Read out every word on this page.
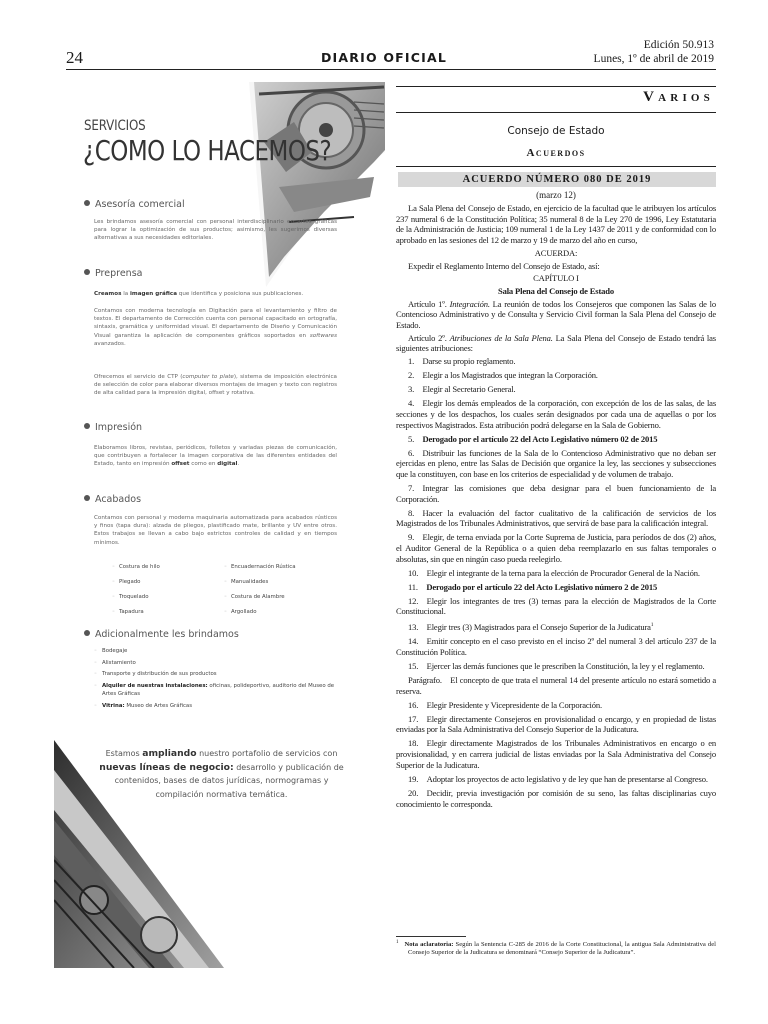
24	DIARIO OFICIAL
Edición 50.913
Lunes, 1º de abril de 2019
SERVICIOS
¿COMO LO HACEMOS?
Asesoría comercial
Les brindamos asesoría comercial con personal interdisciplinario en artes gráficas para lograr la optimización de sus productos; asimismo, les sugerimos diversas alternativas a sus necesidades editoriales.
Preprensa
Creamos la imagen gráfica que identifica y posiciona sus publicaciones.
Contamos con moderna tecnología en Digitación para el levantamiento y filtro de textos. El departamento de Corrección cuenta con personal capacitado en ortografía, sintaxis, gramática y uniformidad visual. El departamento de Diseño y Comunicación Visual garantiza la aplicación de componentes gráficos soportados en softwares avanzados.
Ofrecemos el servicio de CTP (computer to plate), sistema de imposición electrónica de selección de color para elaborar diversos montajes de imagen y texto con registros de alta calidad para la impresión digital, offset y rotativa.
Impresión
Elaboramos libros, revistas, periódicos, folletos y variadas piezas de comunicación, que contribuyen a fortalecer la imagen corporativa de las diferentes entidades del Estado, tanto en impresión offset como en digital.
Acabados
Contamos con personal y moderna maquinaria automatizada para acabados rústicos y finos (tapa dura): alzada de pliegos, plastificado mate, brillante y UV entre otros. Estos trabajos se llevan a cabo bajo estrictos controles de calidad y en tiempos mínimos.
◦ Costura de hilo	◦ Encuadernación Rústica
◦ Plegado	◦ Manualidades
◦ Troquelado	◦ Costura de Alambre
◦ Tapadura	◦ Argollado
Adicionalmente les brindamos
◦ Bodegaje
◦ Alistamiento
◦ Transporte y distribución de sus productos
◦ Alquiler de nuestras instalaciones: oficinas, polideportivo, auditorio del Museo de Artes Gráficas
◦ Vitrina: Museo de Artes Gráficas
Estamos ampliando nuestro portafolio de servicios con nuevas líneas de negocio: desarrollo y publicación de contenidos, bases de datos jurídicas, normogramas y compilación normativa temática.
Varios
Consejo de Estado
Acuerdos
ACUERDO NÚMERO 080 DE 2019
(marzo 12)

La Sala Plena del Consejo de Estado, en ejercicio de la facultad que le atribuyen los artículos 237 numeral 6 de la Constitución Política; 35 numeral 8 de la Ley 270 de 1996, Ley Estatutaria de la Administración de Justicia; 109 numeral 1 de la Ley 1437 de 2011 y de conformidad con lo aprobado en las sesiones del 12 de marzo y 19 de marzo del año en curso,

ACUERDA:

Expedir el Reglamento Interno del Consejo de Estado, así:

CAPÍTULO I

Sala Plena del Consejo de Estado

Artículo 1º. Integración. La reunión de todos los Consejeros que componen las Salas de lo Contencioso Administrativo y de Consulta y Servicio Civil forman la Sala Plena del Consejo de Estado.

Artículo 2º. Atribuciones de la Sala Plena. La Sala Plena del Consejo de Estado tendrá las siguientes atribuciones:

1. Darse su propio reglamento.

2. Elegir a los Magistrados que integran la Corporación.

3. Elegir al Secretario General.

4. Elegir los demás empleados de la corporación, con excepción de los de las salas, de las secciones y de los despachos, los cuales serán designados por cada una de aquellas o por los respectivos Magistrados. Esta atribución podrá delegarse en la Sala de Gobierno.

5. Derogado por el artículo 22 del Acto Legislativo número 02 de 2015

6. Distribuir las funciones de la Sala de lo Contencioso Administrativo que no deban ser ejercidas en pleno, entre las Salas de Decisión que organice la ley, las secciones y subsecciones que la constituyen, con base en los criterios de especialidad y de volumen de trabajo.

7. Integrar las comisiones que deba designar para el buen funcionamiento de la Corporación.

8. Hacer la evaluación del factor cualitativo de la calificación de servicios de los Magistrados de los Tribunales Administrativos, que servirá de base para la calificación integral.

9. Elegir, de terna enviada por la Corte Suprema de Justicia, para períodos de dos (2) años, el Auditor General de la República o a quien deba reemplazarlo en sus faltas temporales o absolutas, sin que en ningún caso pueda reelegirlo.

10. Elegir el integrante de la terna para la elección de Procurador General de la Nación.

11. Derogado por el artículo 22 del Acto Legislativo número 2 de 2015

12. Elegir los integrantes de tres (3) ternas para la elección de Magistrados de la Corte Constitucional.

13. Elegir tres (3) Magistrados para el Consejo Superior de la Judicatura$^1$

14. Emitir concepto en el caso previsto en el inciso 2º del numeral 3 del artículo 237 de la Constitución Política.

15. Ejercer las demás funciones que le prescriben la Constitución, la ley y el reglamento.

Parágrafo. El concepto de que trata el numeral 14 del presente artículo no estará sometido a reserva.

16. Elegir Presidente y Vicepresidente de la Corporación.

17. Elegir directamente Consejeros en provisionalidad o encargo, y en propiedad de listas enviadas por la Sala Administrativa del Consejo Superior de la Judicatura.

18. Elegir directamente Magistrados de los Tribunales Administrativos en encargo o en provisionalidad, y en carrera judicial de listas enviadas por la Sala Administrativa del Consejo Superior de la Judicatura.

19. Adoptar los proyectos de acto legislativo y de ley que han de presentarse al Congreso.

20. Decidir, previa investigación por comisión de su seno, las faltas disciplinarias cuyo conocimiento le corresponda.

$^1$ Nota aclaratoria: Según la Sentencia C-285 de 2016 de la Corte Constitucional, la antigua Sala Administrativa del Consejo Superior de la Judicatura se denominará “Consejo Superior de la Judicatura”.
